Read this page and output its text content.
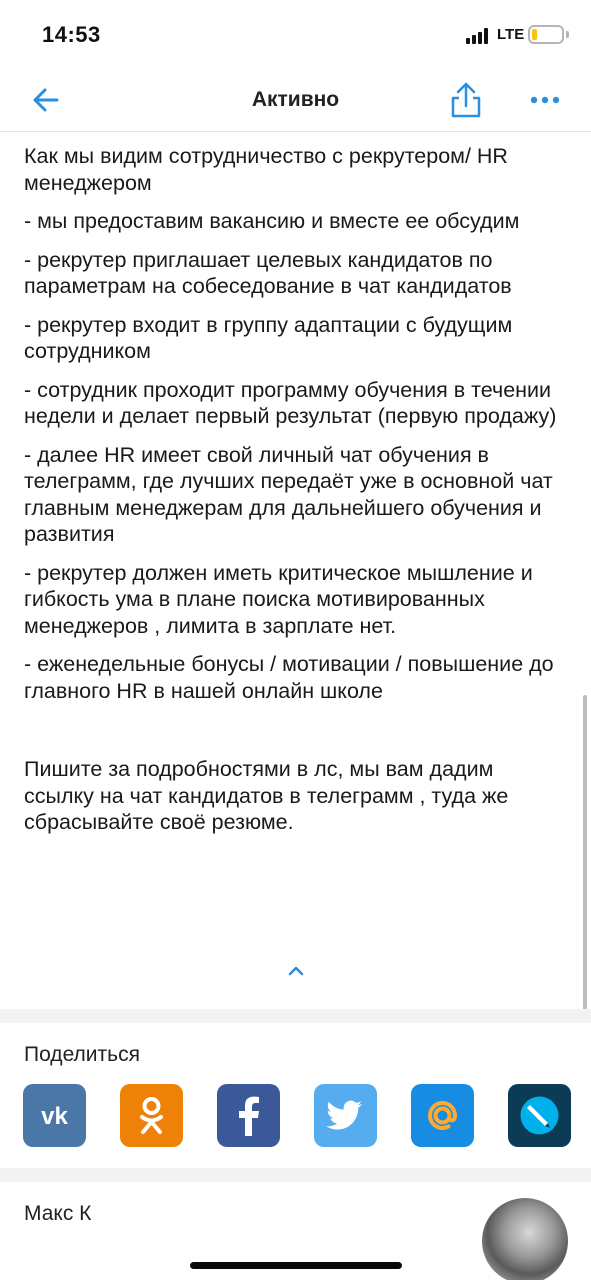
14:53	LTE
Активно

Как мы видим сотрудничество с рекрутером/ HR менеджером

- мы предоставим вакансию и вместе ее обсудим

- рекрутер приглашает целевых кандидатов по параметрам на собеседование в чат кандидатов

- рекрутер входит в группу адаптации с будущим сотрудником

- сотрудник проходит программу обучения в течении недели и делает первый результат (первую продажу)

- далее HR имеет свой личный чат обучения в телеграмм, где лучших передаёт уже в основной чат главным менеджерам для дальнейшего обучения и развития

- рекрутер должен иметь критическое мышление и гибкость ума в плане поиска мотивированных менеджеров , лимита в зарплате нет.

- еженедельные бонусы / мотивации / повышение до главного HR в нашей онлайн школе

Пишите за подробностями в лс, мы вам дадим ссылку на чат кандидатов в телеграмм , туда же сбрасывайте своё резюме.

Поделиться
vk
Макс К
